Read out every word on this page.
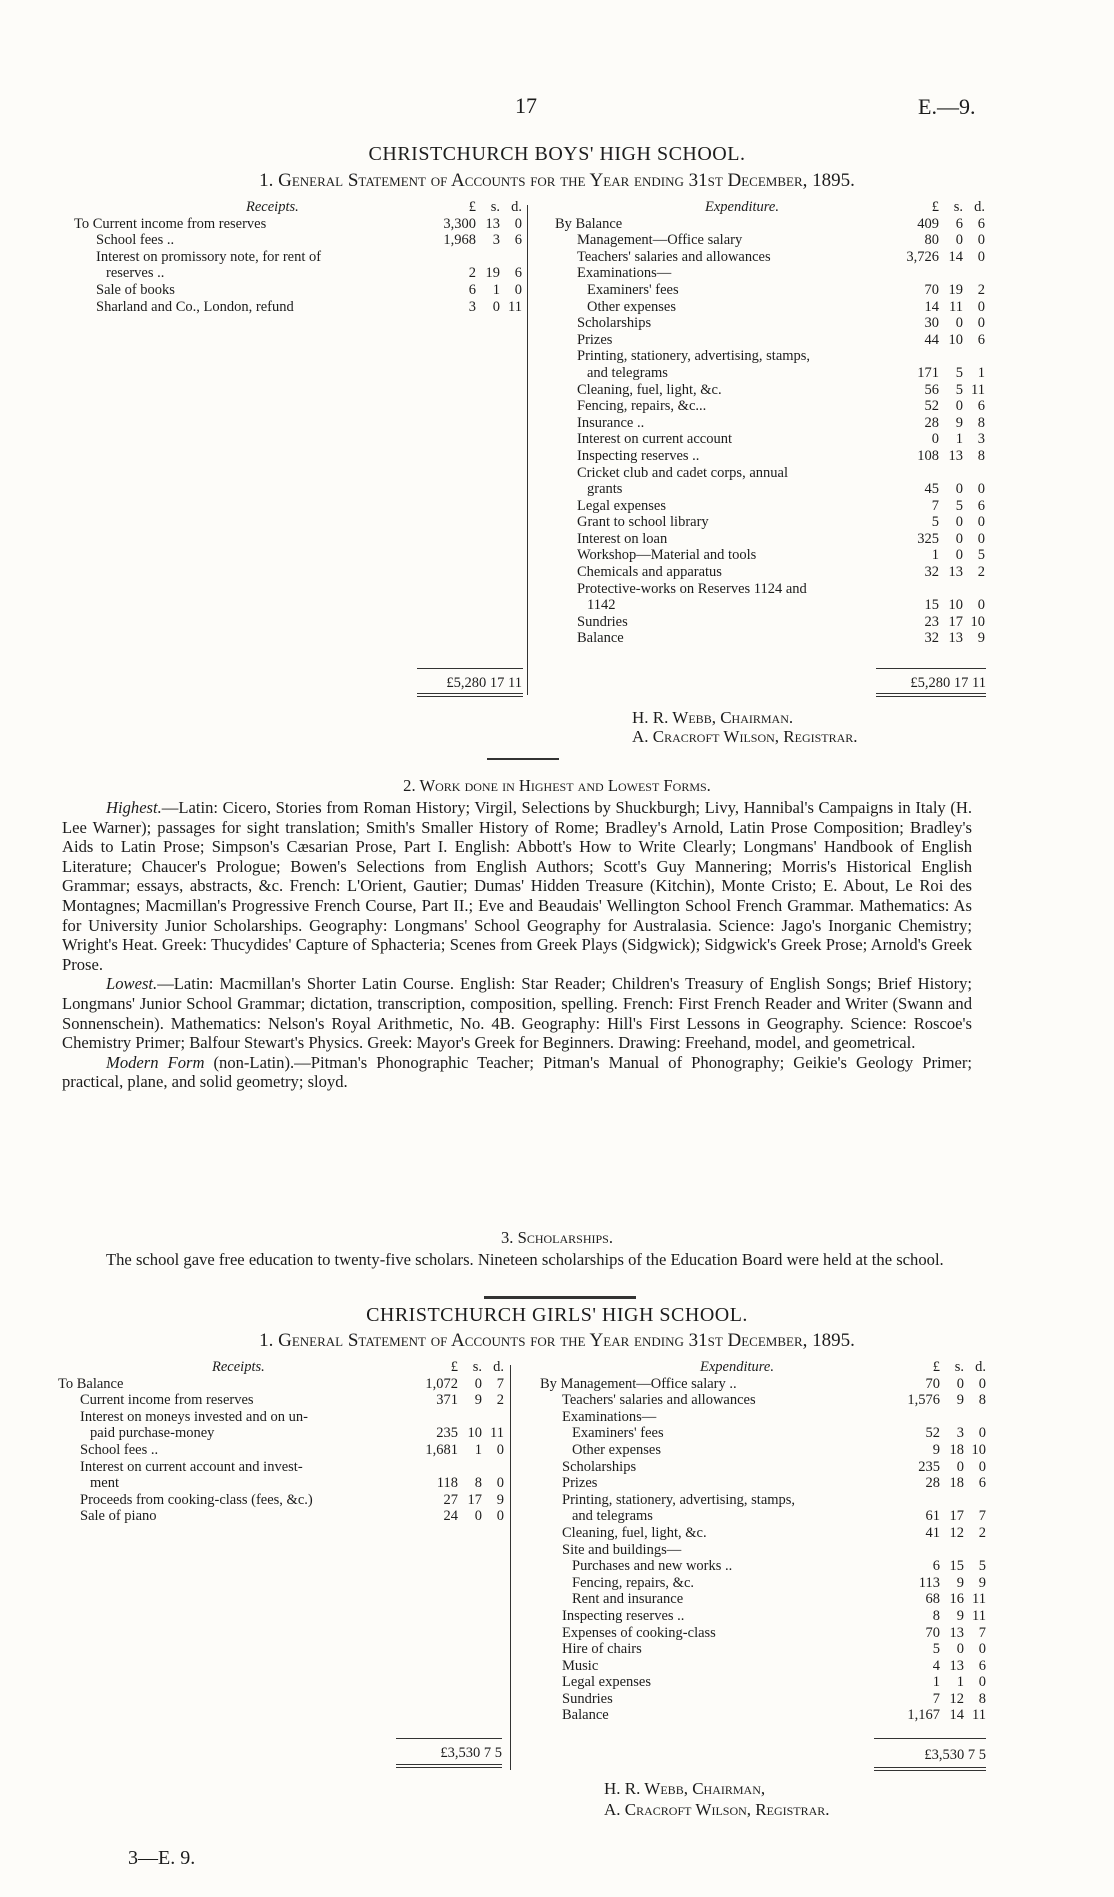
17	E.—9.
CHRISTCHURCH BOYS' HIGH SCHOOL.
1. General Statement of Accounts for the Year ending 31st December, 1895.
Receipts.	£	s. d.
To Current income from reserves	3,300 13	0
School fees ..	1,968	3	6
Interest on promissory note, for rent of
reserves ..	2 19	6
Sale of books	6	1	0
Sharland and Co., London, refund	3	0 11
£5,280 17 11
Expenditure.	£	s. d.
By Balance	409	6	6
Management—Office salary	80	0	0
Teachers' salaries and allowances	3,726 14	0
Examinations—
Examiners' fees	70 19	2
Other expenses	14 11	0
Scholarships	30	0	0
Prizes	44 10	6
Printing, stationery, advertising, stamps,
and telegrams	171	5	1
Cleaning, fuel, light, &c.	56	5 11
Fencing, repairs, &c...	52	0	6
Insurance ..	28	9	8
Interest on current account	0	1	3
Inspecting reserves ..	108 13	8
Cricket club and cadet corps, annual
grants	45	0	0
Legal expenses	7	5	6
Grant to school library	5	0	0
Interest on loan	325	0	0
Workshop—Material and tools	1	0	5
Chemicals and apparatus	32 13	2
Protective-works on Reserves 1124 and
1142	15 10	0
Sundries	23 17 10
Balance	32 13	9
£5,280 17 11
H. R. Webb, Chairman.
A. Cracroft Wilson, Registrar.
2. Work done in Highest and Lowest Forms.

Highest.—Latin: Cicero, Stories from Roman History; Virgil, Selections by Shuckburgh; Livy, Hannibal's Campaigns in Italy (H. Lee Warner); passages for sight translation; Smith's Smaller History of Rome; Bradley's Arnold, Latin Prose Composition; Bradley's Aids to Latin Prose; Simpson's Cæsarian Prose, Part I. English: Abbott's How to Write Clearly; Longmans' Handbook of English Literature; Chaucer's Prologue; Bowen's Selections from English Authors; Scott's Guy Mannering; Morris's Historical English Grammar; essays, abstracts, &c. French: L'Orient, Gautier; Dumas' Hidden Treasure (Kitchin), Monte Cristo; E. About, Le Roi des Montagnes; Macmillan's Progressive French Course, Part II.; Eve and Beaudais' Wellington School French Grammar. Mathematics: As for University Junior Scholarships. Geography: Longmans' School Geography for Australasia. Science: Jago's Inorganic Chemistry; Wright's Heat. Greek: Thucydides' Capture of Sphacteria; Scenes from Greek Plays (Sidgwick); Sidgwick's Greek Prose; Arnold's Greek Prose.

Lowest.—Latin: Macmillan's Shorter Latin Course. English: Star Reader; Children's Treasury of English Songs; Brief History; Longmans' Junior School Grammar; dictation, transcription, composition, spelling. French: First French Reader and Writer (Swann and Sonnenschein). Mathematics: Nelson's Royal Arithmetic, No. 4B. Geography: Hill's First Lessons in Geography. Science: Roscoe's Chemistry Primer; Balfour Stewart's Physics. Greek: Mayor's Greek for Beginners. Drawing: Freehand, model, and geometrical.

Modern Form (non-Latin).—Pitman's Phonographic Teacher; Pitman's Manual of Phonography; Geikie's Geology Primer; practical, plane, and solid geometry; sloyd.

3. Scholarships.

The school gave free education to twenty-five scholars. Nineteen scholarships of the Education Board were held at the school.

CHRISTCHURCH GIRLS' HIGH SCHOOL.
1. General Statement of Accounts for the Year ending 31st December, 1895.
Receipts.	£	s. d.
To Balance	1,072	0	7
Current income from reserves	371	9	2
Interest on moneys invested and on un-
paid purchase-money	235 10 11
School fees ..	1,681	1	0
Interest on current account and invest-
ment	118	8	0
Proceeds from cooking-class (fees, &c.)	27 17	9
Sale of piano	24	0	0
£3,530 7 5
Expenditure.	£	s. d.
By Management—Office salary ..	70	0	0
Teachers' salaries and allowances	1,576	9	8
Examinations—
Examiners' fees	52	3	0
Other expenses	9 18 10
Scholarships	235	0	0
Prizes	28 18	6
Printing, stationery, advertising, stamps,
and telegrams	61 17	7
Cleaning, fuel, light, &c.	41 12	2
Site and buildings—
Purchases and new works ..	6 15	5
Fencing, repairs, &c.	113	9	9
Rent and insurance	68 16 11
Inspecting reserves ..	8	9 11
Expenses of cooking-class	70 13	7
Hire of chairs	5	0	0
Music	4 13	6
Legal expenses	1	1	0
Sundries	7 12	8
Balance	1,167 14 11
£3,530 7 5
H. R. Webb, Chairman,
A. Cracroft Wilson, Registrar.
3—E. 9.
